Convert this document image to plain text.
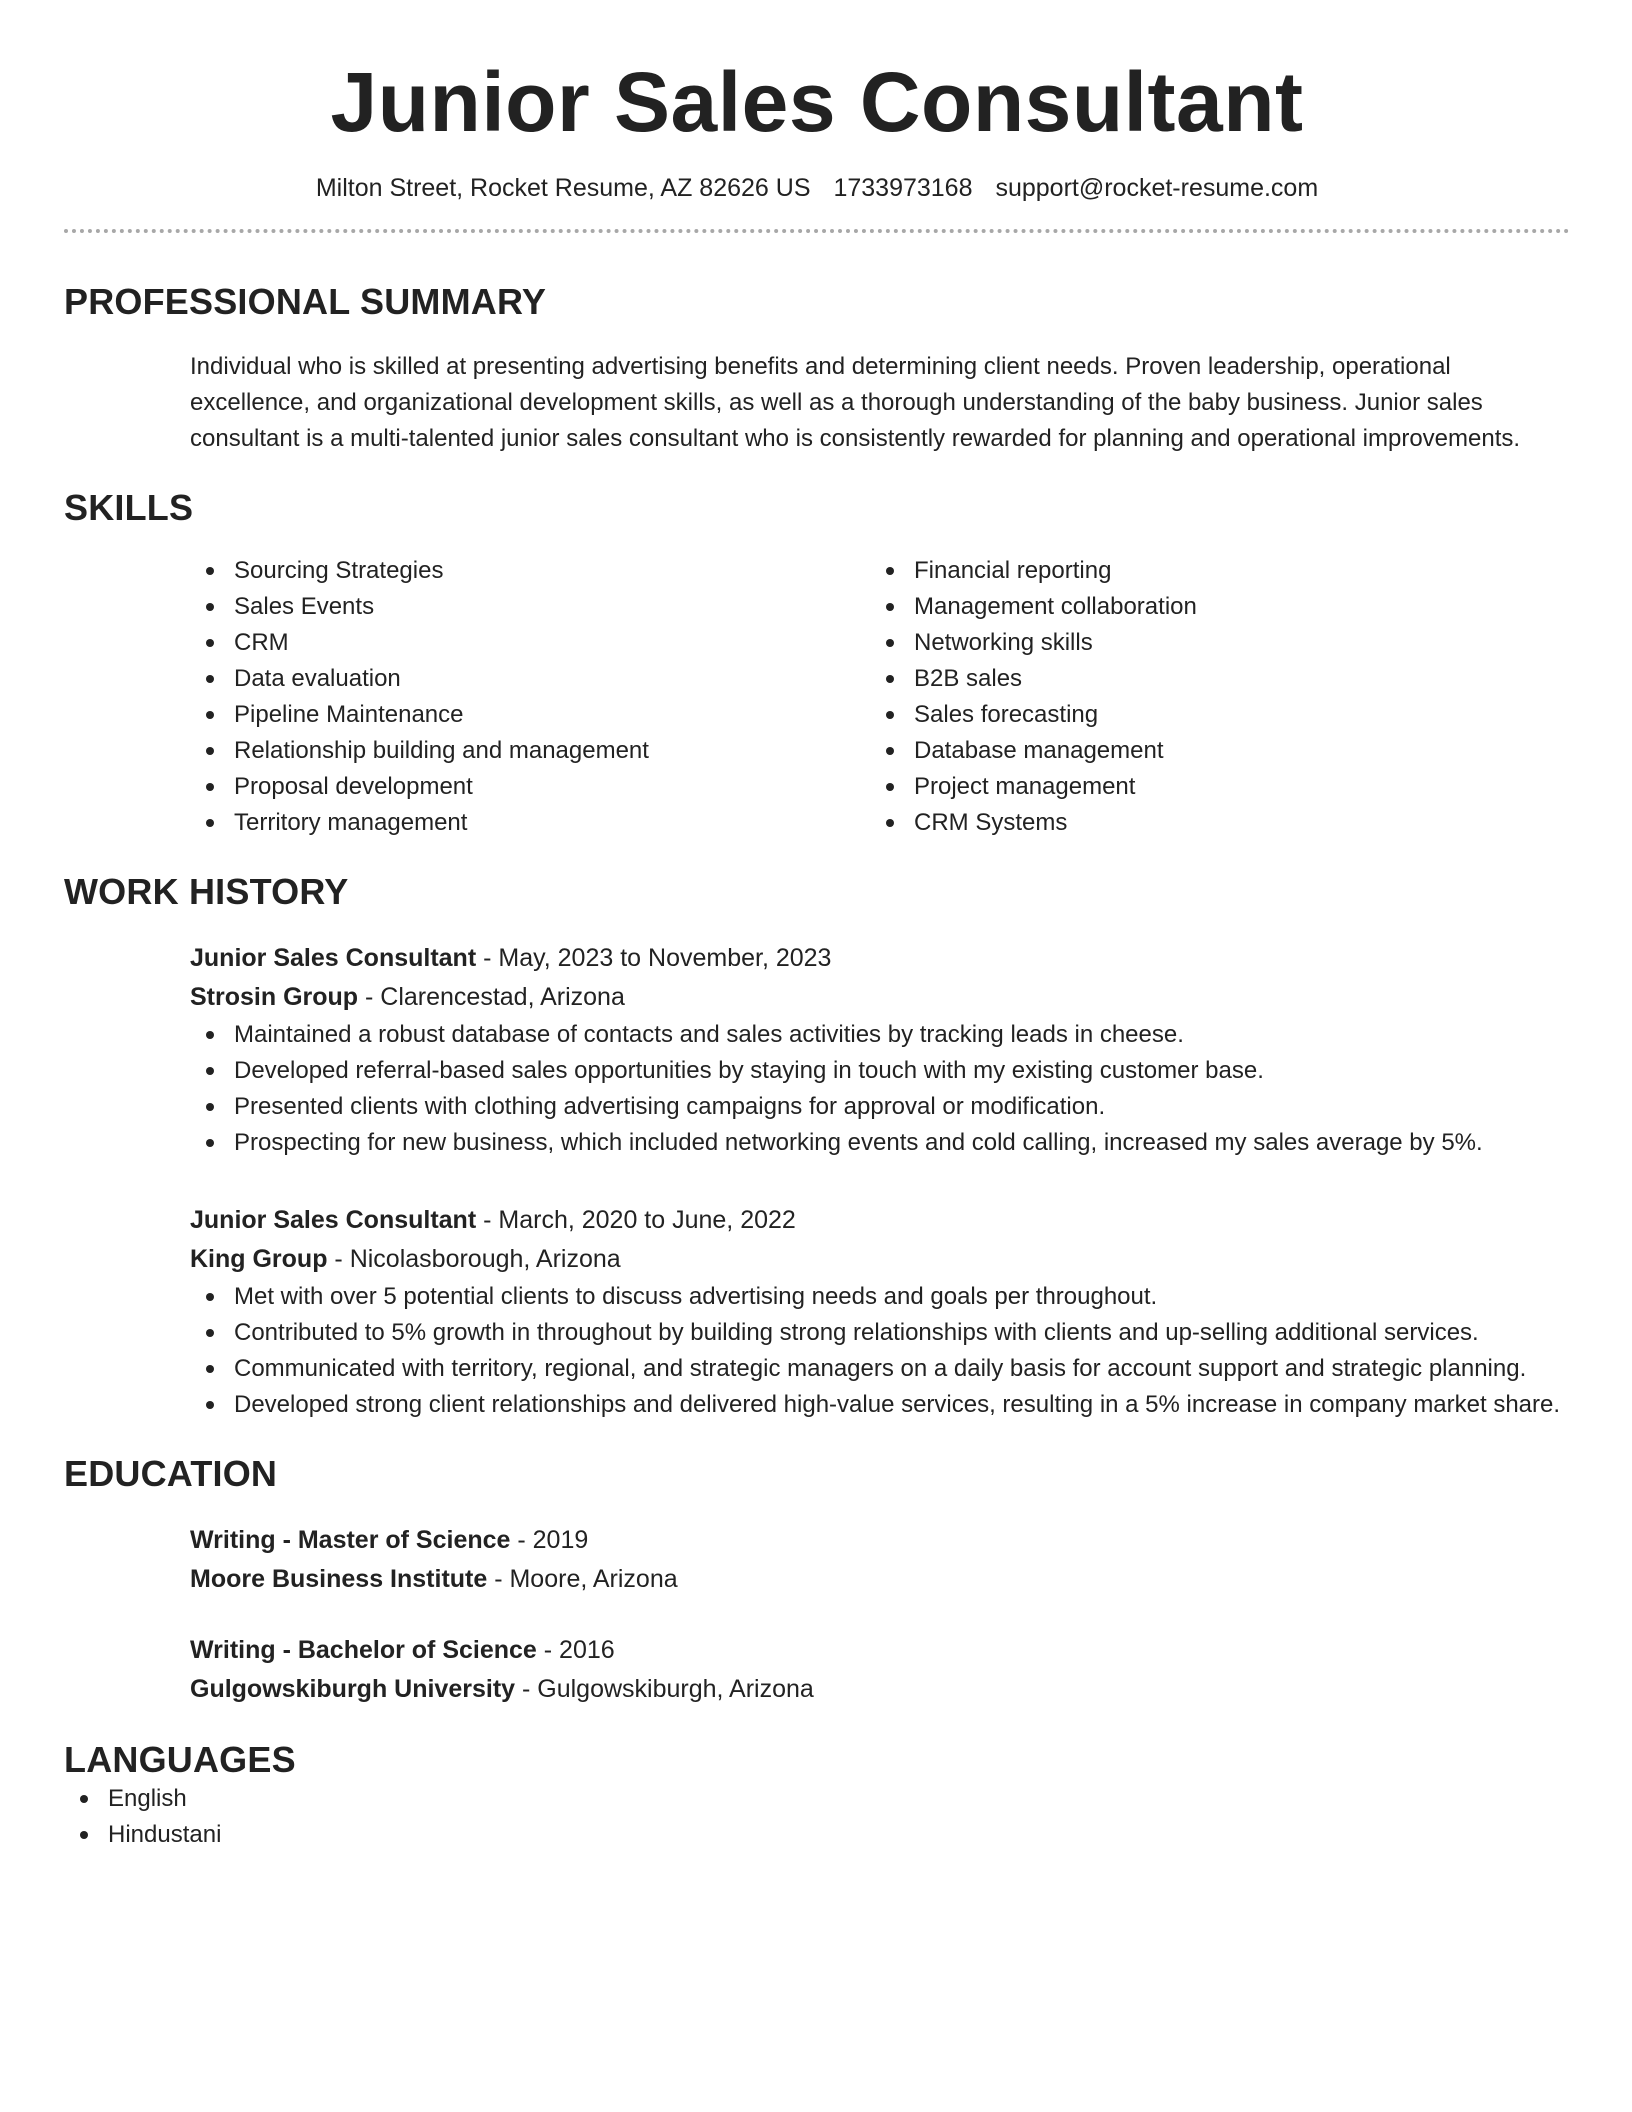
Junior Sales Consultant
Milton Street, Rocket Resume, AZ 82626 US 1733973168 support@rocket-resume.com
PROFESSIONAL SUMMARY
Individual who is skilled at presenting advertising benefits and determining client needs. Proven leadership, operational excellence, and organizational development skills, as well as a thorough understanding of the baby business. Junior sales consultant is a multi-talented junior sales consultant who is consistently rewarded for planning and operational improvements.
SKILLS
Sourcing Strategies
Sales Events
CRM
Data evaluation
Pipeline Maintenance
Relationship building and management
Proposal development
Territory management
Financial reporting
Management collaboration
Networking skills
B2B sales
Sales forecasting
Database management
Project management
CRM Systems
WORK HISTORY
Junior Sales Consultant - May, 2023 to November, 2023
Strosin Group - Clarencestad, Arizona
Maintained a robust database of contacts and sales activities by tracking leads in cheese.
Developed referral-based sales opportunities by staying in touch with my existing customer base.
Presented clients with clothing advertising campaigns for approval or modification.
Prospecting for new business, which included networking events and cold calling, increased my sales average by 5%.
Junior Sales Consultant - March, 2020 to June, 2022
King Group - Nicolasborough, Arizona
Met with over 5 potential clients to discuss advertising needs and goals per throughout.
Contributed to 5% growth in throughout by building strong relationships with clients and up-selling additional services.
Communicated with territory, regional, and strategic managers on a daily basis for account support and strategic planning.
Developed strong client relationships and delivered high-value services, resulting in a 5% increase in company market share.
EDUCATION
Writing - Master of Science - 2019
Moore Business Institute - Moore, Arizona
Writing - Bachelor of Science - 2016
Gulgowskiburgh University - Gulgowskiburgh, Arizona
LANGUAGES
English
Hindustani
